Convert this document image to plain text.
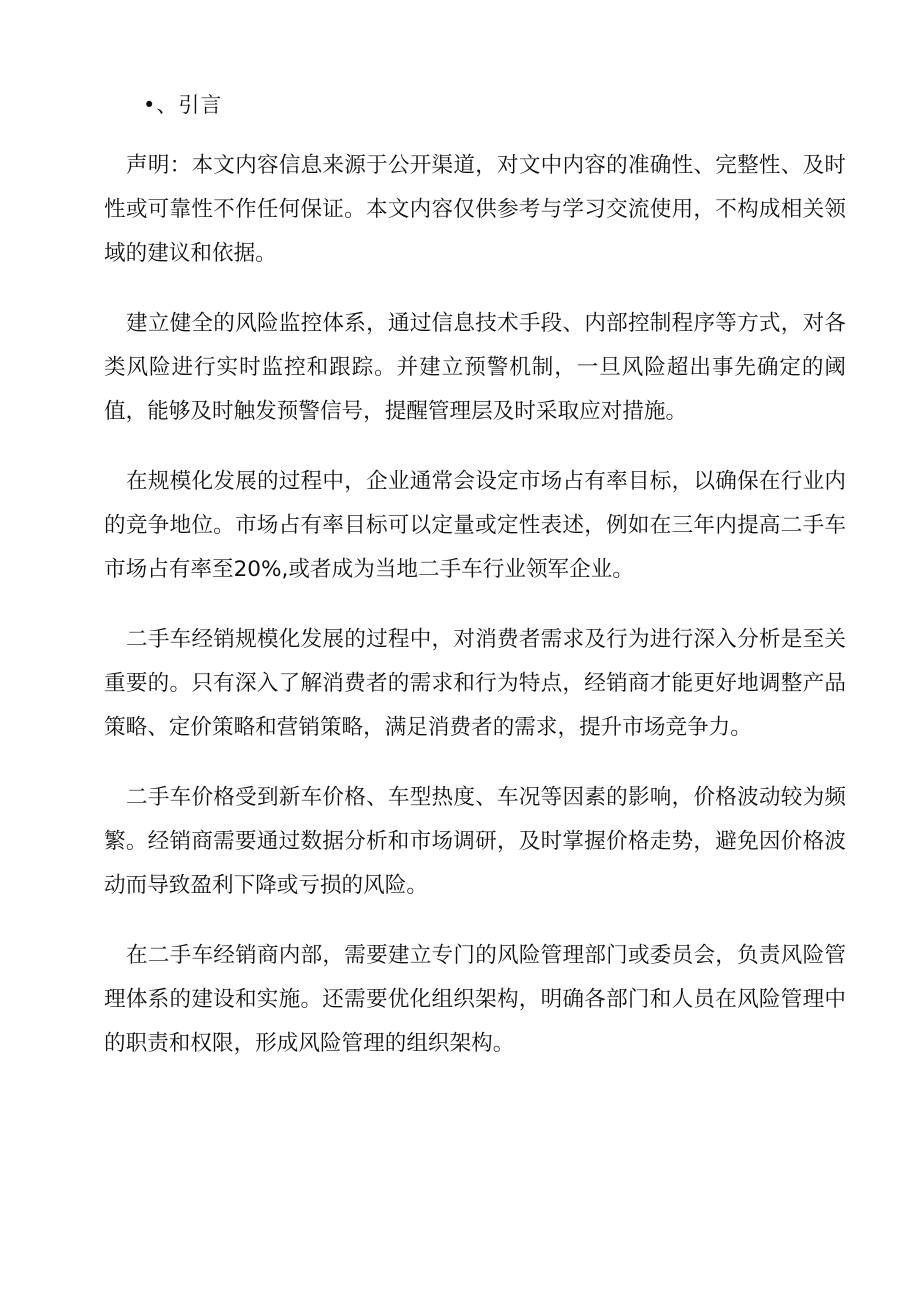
•、引言

声明：本文内容信息来源于公开渠道，对文中内容的准确性、完整性、及时性或可靠性不作任何保证。本文内容仅供参考与学习交流使用，不构成相关领域的建议和依据。

建立健全的风险监控体系，通过信息技术手段、内部控制程序等方式，对各类风险进行实时监控和跟踪。并建立预警机制，一旦风险超出事先确定的阈值，能够及时触发预警信号，提醒管理层及时采取应对措施。

在规模化发展的过程中，企业通常会设定市场占有率目标，以确保在行业内的竞争地位。市场占有率目标可以定量或定性表述，例如在三年内提高二手车市场占有率至20%,或者成为当地二手车行业领军企业。

二手车经销规模化发展的过程中，对消费者需求及行为进行深入分析是至关重要的。只有深入了解消费者的需求和行为特点，经销商才能更好地调整产品策略、定价策略和营销策略，满足消费者的需求，提升市场竞争力。

二手车价格受到新车价格、车型热度、车况等因素的影响，价格波动较为频繁。经销商需要通过数据分析和市场调研，及时掌握价格走势，避免因价格波动而导致盈利下降或亏损的风险。

在二手车经销商内部，需要建立专门的风险管理部门或委员会，负责风险管理体系的建设和实施。还需要优化组织架构，明确各部门和人员在风险管理中的职责和权限，形成风险管理的组织架构。
